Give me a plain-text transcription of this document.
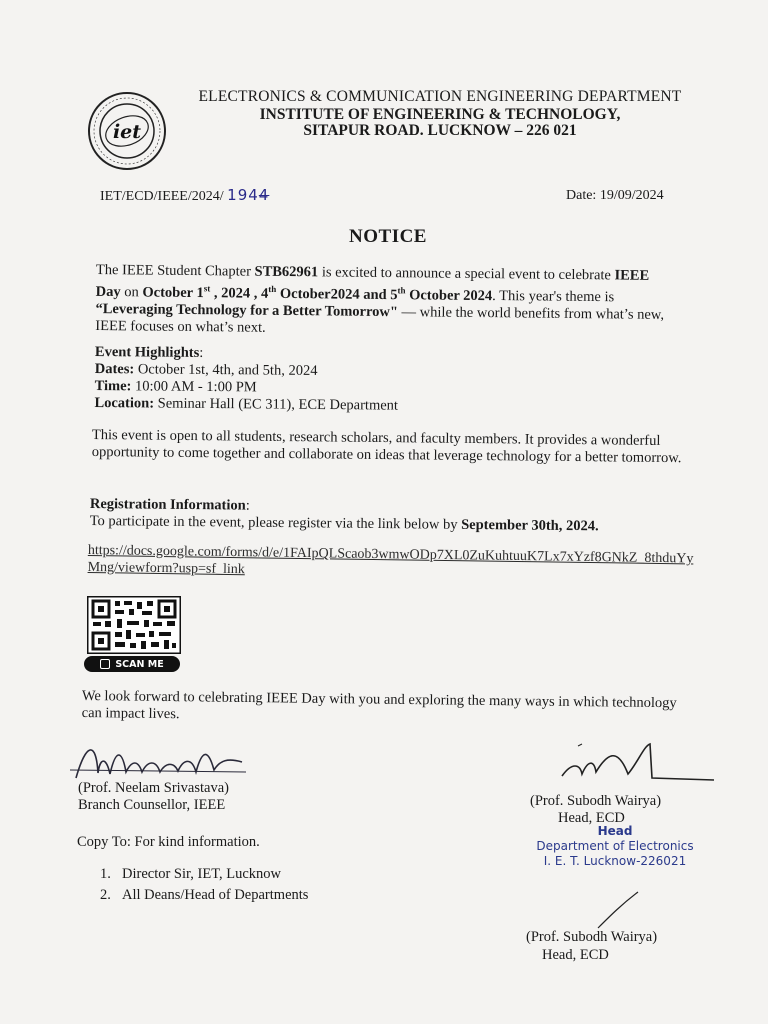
iet
ELECTRONICS & COMMUNICATION ENGINEERING DEPARTMENT
INSTITUTE OF ENGINEERING & TECHNOLOGY,
SITAPUR ROAD. LUCKNOW – 226 021
IET/ECD/IEEE/2024/ 1944	Date: 19/09/2024
NOTICE
The IEEE Student Chapter STB62961 is excited to announce a special event to celebrate IEEE Day on October 1st , 2024 , 4th October2024 and 5th October 2024. This year's theme is “Leveraging Technology for a Better Tomorrow" — while the world benefits from what’s new, IEEE focuses on what’s next.
Event Highlights:
Dates: October 1st, 4th, and 5th, 2024
Time: 10:00 AM - 1:00 PM
Location: Seminar Hall (EC 311), ECE Department
This event is open to all students, research scholars, and faculty members. It provides a wonderful opportunity to come together and collaborate on ideas that leverage technology for a better tomorrow.
Registration Information:
To participate in the event, please register via the link below by September 30th, 2024.
https://docs.google.com/forms/d/e/1FAIpQLScaob3wmwODp7XL0ZuKuhtuuK7Lx7xYzf8GNkZ_8thduYyMng/viewform?usp=sf_link
SCAN ME
We look forward to celebrating IEEE Day with you and exploring the many ways in which technology can impact lives.
(Prof. Neelam Srivastava)
Branch Counsellor, IEEE	(Prof. Subodh Wairya)
Head, ECD
Head
Department of Electronics
I. E. T. Lucknow-226021
Copy To: For kind information.
1. Director Sir, IET, Lucknow
2. All Deans/Head of Departments
(Prof. Subodh Wairya)
Head, ECD
